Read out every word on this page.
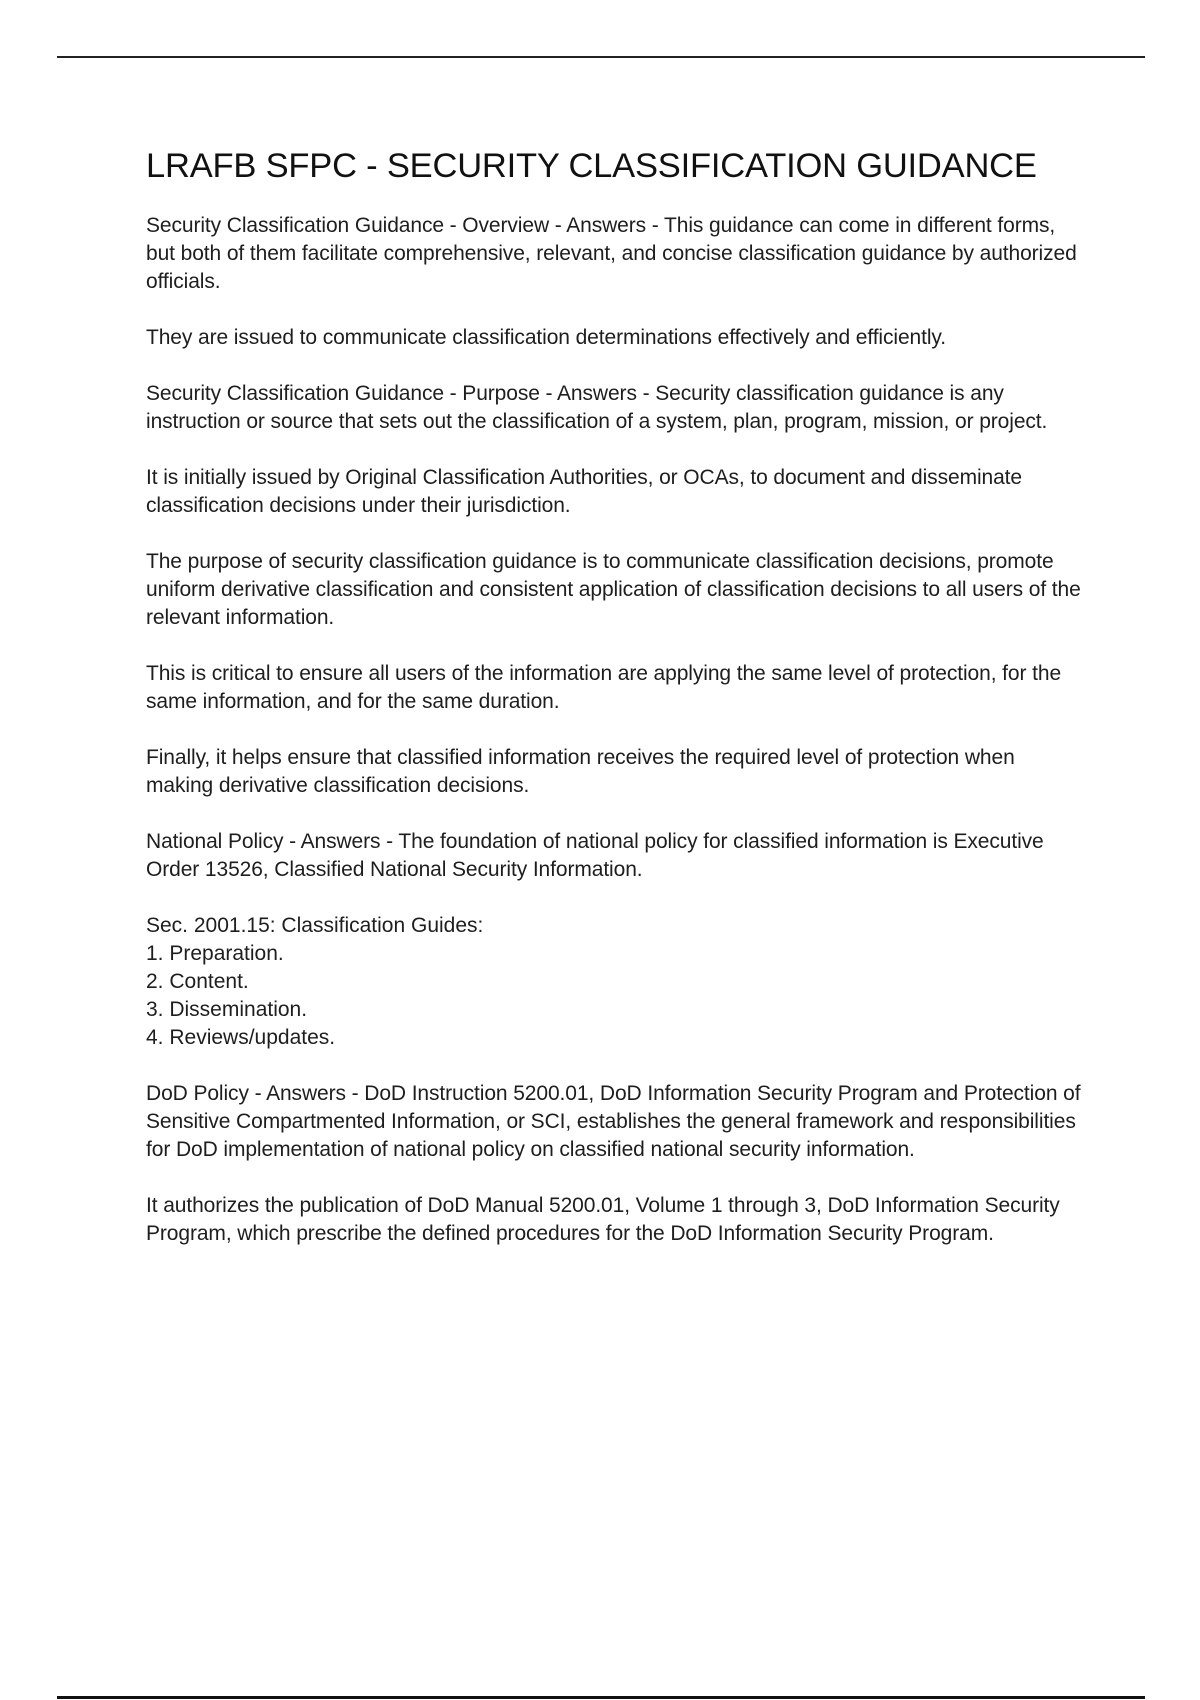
LRAFB SFPC - SECURITY CLASSIFICATION GUIDANCE

Security Classification Guidance - Overview - Answers - This guidance can come in different forms, but both of them facilitate comprehensive, relevant, and concise classification guidance by authorized officials.

They are issued to communicate classification determinations effectively and efficiently.

Security Classification Guidance - Purpose - Answers - Security classification guidance is any instruction or source that sets out the classification of a system, plan, program, mission, or project.

It is initially issued by Original Classification Authorities, or OCAs, to document and disseminate classification decisions under their jurisdiction.

The purpose of security classification guidance is to communicate classification decisions, promote uniform derivative classification and consistent application of classification decisions to all users of the relevant information.

This is critical to ensure all users of the information are applying the same level of protection, for the same information, and for the same duration.

Finally, it helps ensure that classified information receives the required level of protection when making derivative classification decisions.

National Policy - Answers - The foundation of national policy for classified information is Executive Order 13526, Classified National Security Information.

Sec. 2001.15: Classification Guides:

1. Preparation.
2. Content.
3. Dissemination.
4. Reviews/updates.

DoD Policy - Answers - DoD Instruction 5200.01, DoD Information Security Program and Protection of Sensitive Compartmented Information, or SCI, establishes the general framework and responsibilities for DoD implementation of national policy on classified national security information.

It authorizes the publication of DoD Manual 5200.01, Volume 1 through 3, DoD Information Security Program, which prescribe the defined procedures for the DoD Information Security Program.
